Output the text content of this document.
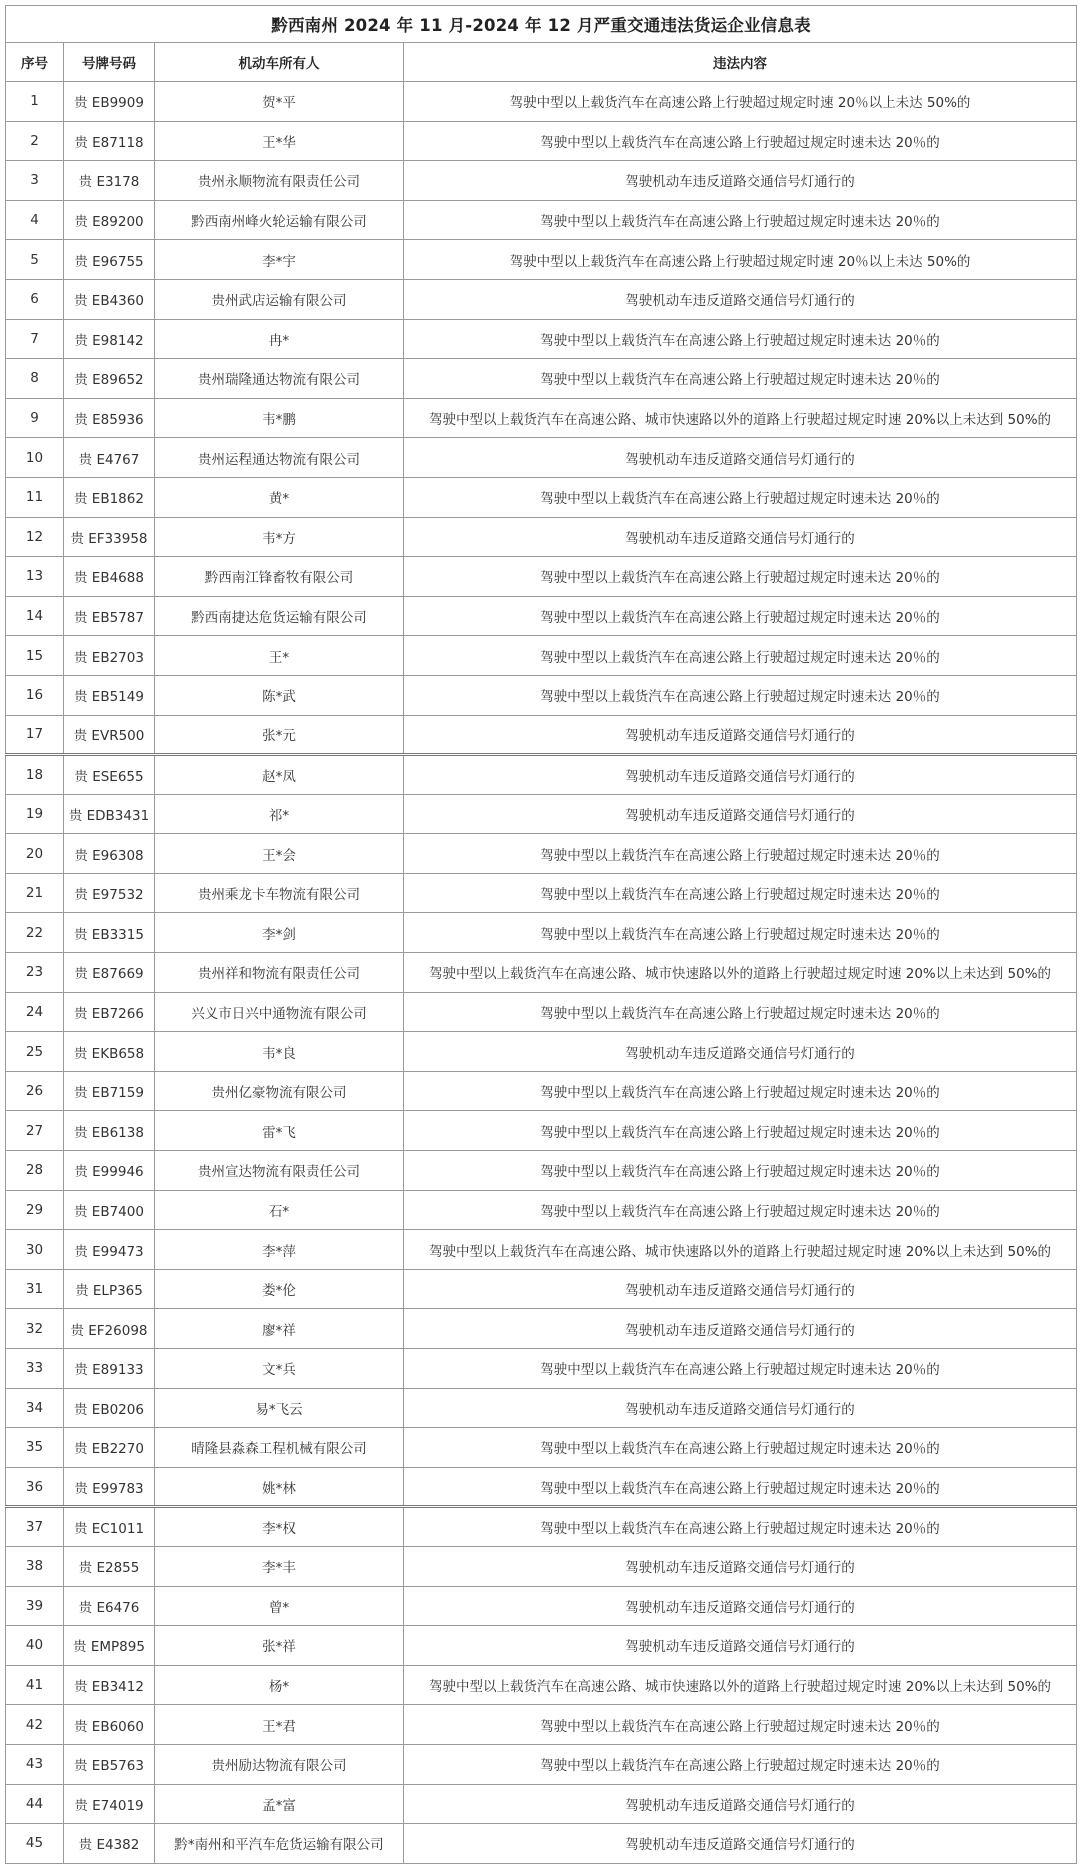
黔西南州 2024 年 11 月-2024 年 12 月严重交通违法货运企业信息表			
序号	号牌号码	机动车所有人	违法内容
1	贵 EB9909	贺*平	驾驶中型以上载货汽车在高速公路上行驶超过规定时速 20％以上未达 50%的
2	贵 E87118	王*华	驾驶中型以上载货汽车在高速公路上行驶超过规定时速未达 20％的
3	贵 E3178	贵州永顺物流有限责任公司	驾驶机动车违反道路交通信号灯通行的
4	贵 E89200	黔西南州峰火轮运输有限公司	驾驶中型以上载货汽车在高速公路上行驶超过规定时速未达 20％的
5	贵 E96755	李*宇	驾驶中型以上载货汽车在高速公路上行驶超过规定时速 20％以上未达 50%的
6	贵 EB4360	贵州武店运输有限公司	驾驶机动车违反道路交通信号灯通行的
7	贵 E98142	冉*	驾驶中型以上载货汽车在高速公路上行驶超过规定时速未达 20％的
8	贵 E89652	贵州瑞隆通达物流有限公司	驾驶中型以上载货汽车在高速公路上行驶超过规定时速未达 20％的
9	贵 E85936	韦*鹏	驾驶中型以上载货汽车在高速公路、城市快速路以外的道路上行驶超过规定时速 20%以上未达到 50%的
10	贵 E4767	贵州运程通达物流有限公司	驾驶机动车违反道路交通信号灯通行的
11	贵 EB1862	黄*	驾驶中型以上载货汽车在高速公路上行驶超过规定时速未达 20％的
12	贵 EF33958	韦*方	驾驶机动车违反道路交通信号灯通行的
13	贵 EB4688	黔西南江锋畜牧有限公司	驾驶中型以上载货汽车在高速公路上行驶超过规定时速未达 20％的
14	贵 EB5787	黔西南捷达危货运输有限公司	驾驶中型以上载货汽车在高速公路上行驶超过规定时速未达 20％的
15	贵 EB2703	王*	驾驶中型以上载货汽车在高速公路上行驶超过规定时速未达 20％的
16	贵 EB5149	陈*武	驾驶中型以上载货汽车在高速公路上行驶超过规定时速未达 20％的
17	贵 EVR500	张*元	驾驶机动车违反道路交通信号灯通行的
18	贵 ESE655	赵*凤	驾驶机动车违反道路交通信号灯通行的
19	贵 EDB3431	祁*	驾驶机动车违反道路交通信号灯通行的
20	贵 E96308	王*会	驾驶中型以上载货汽车在高速公路上行驶超过规定时速未达 20％的
21	贵 E97532	贵州乘龙卡车物流有限公司	驾驶中型以上载货汽车在高速公路上行驶超过规定时速未达 20％的
22	贵 EB3315	李*剑	驾驶中型以上载货汽车在高速公路上行驶超过规定时速未达 20％的
23	贵 E87669	贵州祥和物流有限责任公司	驾驶中型以上载货汽车在高速公路、城市快速路以外的道路上行驶超过规定时速 20%以上未达到 50%的
24	贵 EB7266	兴义市日兴中通物流有限公司	驾驶中型以上载货汽车在高速公路上行驶超过规定时速未达 20％的
25	贵 EKB658	韦*良	驾驶机动车违反道路交通信号灯通行的
26	贵 EB7159	贵州亿豪物流有限公司	驾驶中型以上载货汽车在高速公路上行驶超过规定时速未达 20％的
27	贵 EB6138	雷*飞	驾驶中型以上载货汽车在高速公路上行驶超过规定时速未达 20％的
28	贵 E99946	贵州宣达物流有限责任公司	驾驶中型以上载货汽车在高速公路上行驶超过规定时速未达 20％的
29	贵 EB7400	石*	驾驶中型以上载货汽车在高速公路上行驶超过规定时速未达 20％的
30	贵 E99473	李*萍	驾驶中型以上载货汽车在高速公路、城市快速路以外的道路上行驶超过规定时速 20%以上未达到 50%的
31	贵 ELP365	娄*伦	驾驶机动车违反道路交通信号灯通行的
32	贵 EF26098	廖*祥	驾驶机动车违反道路交通信号灯通行的
33	贵 E89133	文*兵	驾驶中型以上载货汽车在高速公路上行驶超过规定时速未达 20％的
34	贵 EB0206	易*飞云	驾驶机动车违反道路交通信号灯通行的
35	贵 EB2270	晴隆县淼森工程机械有限公司	驾驶中型以上载货汽车在高速公路上行驶超过规定时速未达 20％的
36	贵 E99783	姚*林	驾驶中型以上载货汽车在高速公路上行驶超过规定时速未达 20％的
37	贵 EC1011	李*权	驾驶中型以上载货汽车在高速公路上行驶超过规定时速未达 20％的
38	贵 E2855	李*丰	驾驶机动车违反道路交通信号灯通行的
39	贵 E6476	曾*	驾驶机动车违反道路交通信号灯通行的
40	贵 EMP895	张*祥	驾驶机动车违反道路交通信号灯通行的
41	贵 EB3412	杨*	驾驶中型以上载货汽车在高速公路、城市快速路以外的道路上行驶超过规定时速 20%以上未达到 50%的
42	贵 EB6060	王*君	驾驶中型以上载货汽车在高速公路上行驶超过规定时速未达 20％的
43	贵 EB5763	贵州励达物流有限公司	驾驶中型以上载货汽车在高速公路上行驶超过规定时速未达 20％的
44	贵 E74019	孟*富	驾驶机动车违反道路交通信号灯通行的
45	贵 E4382	黔*南州和平汽车危货运输有限公司	驾驶机动车违反道路交通信号灯通行的
